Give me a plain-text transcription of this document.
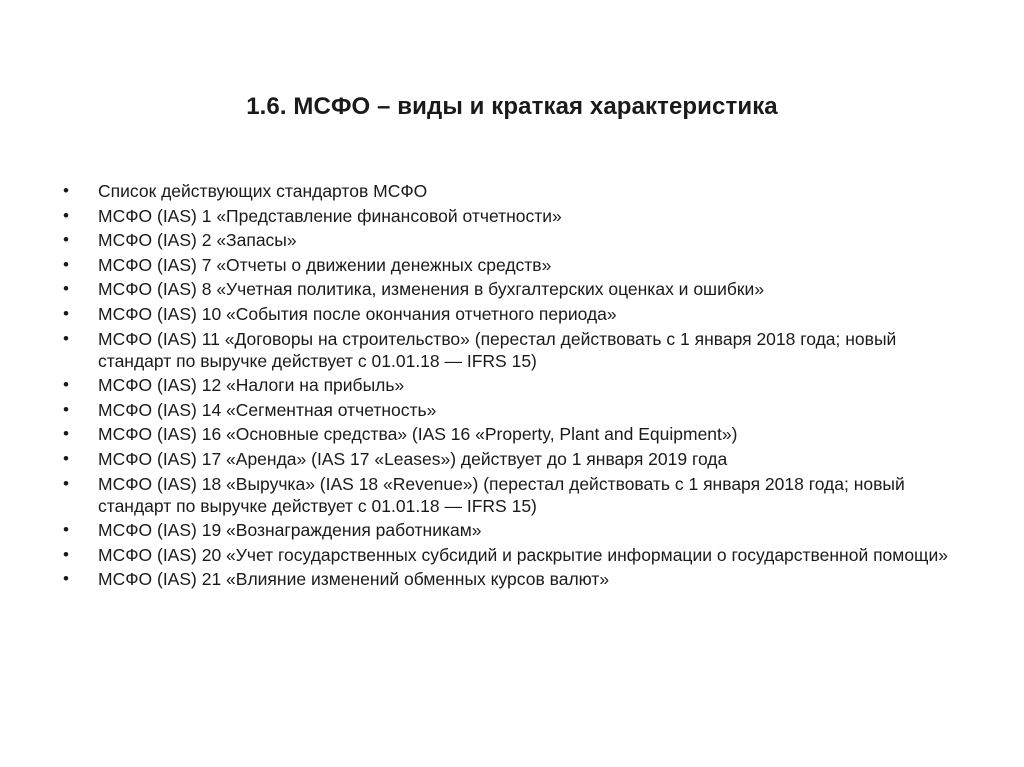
1.6. МСФО – виды и краткая характеристика
• Список действующих стандартов МСФО
• МСФО (IAS) 1 «Представление финансовой отчетности»
• МСФО (IAS) 2 «Запасы»
• МСФО (IAS) 7 «Отчеты о движении денежных средств»
• МСФО (IAS) 8 «Учетная политика, изменения в бухгалтерских оценках и ошибки»
• МСФО (IAS) 10 «События после окончания отчетного периода»
• МСФО (IAS) 11 «Договоры на строительство» (перестал действовать с 1 января 2018 года; новый стандарт по выручке действует с 01.01.18 — IFRS 15)
• МСФО (IAS) 12 «Налоги на прибыль»
• МСФО (IAS) 14 «Сегментная отчетность»
• МСФО (IAS) 16 «Основные средства» (IAS 16 «Property, Plant and Equipment»)
• МСФО (IAS) 17 «Аренда» (IAS 17 «Leases») действует до 1 января 2019 года
• МСФО (IAS) 18 «Выручка» (IAS 18 «Revenue») (перестал действовать с 1 января 2018 года; новый стандарт по выручке действует с 01.01.18 — IFRS 15)
• МСФО (IAS) 19 «Вознаграждения работникам»
• МСФО (IAS) 20 «Учет государственных субсидий и раскрытие информации о государственной помощи»
• МСФО (IAS) 21 «Влияние изменений обменных курсов валют»
